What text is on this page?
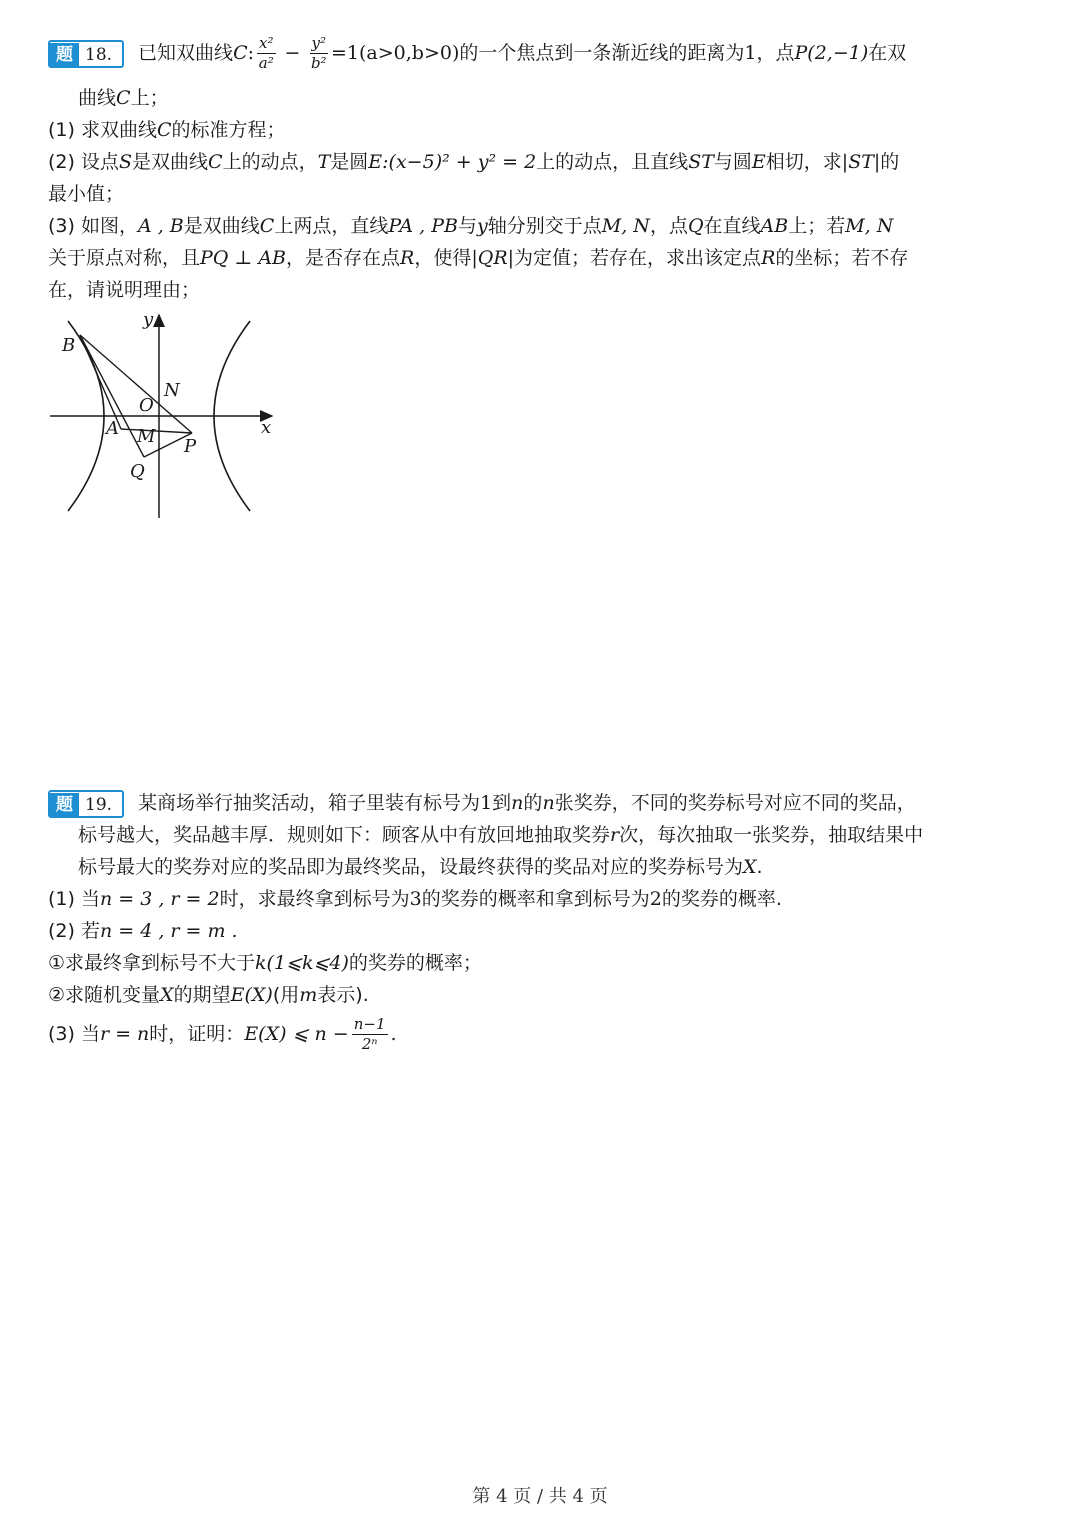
题 18. 已知双曲线C: $\frac{\text{x²}}{\text{a²}} - \frac{\text{y²}}{\text{b²}} =1(a>0,b>0)$的一个焦点到一条渐近线的距离为1，点P(2,−1)在双
曲线C上；
(1) 求双曲线C的标准方程；
(2) 设点S是双曲线C上的动点，T是圆E:(x−5)² + y² = 2上的动点，且直线ST与圆E相切，求|ST|的
最小值；
(3) 如图，A , B是双曲线C上两点，直线PA , PB与y轴分别交于点M, N，点Q在直线AB上；若M, N
关于原点对称，且PQ ⊥ AB，是否存在点R，使得|QR|为定值；若存在，求出该定点R的坐标；若不存
在，请说明理由；
y
x
B
N
O
A M P
Q
题 19. 某商场举行抽奖活动，箱子里装有标号为1到n的n张奖券，不同的奖券标号对应不同的奖品，
标号越大，奖品越丰厚．规则如下：顾客从中有放回地抽取奖券r次，每次抽取一张奖券，抽取结果中
标号最大的奖券对应的奖品即为最终奖品，设最终获得的奖品对应的奖券标号为X.
(1) 当n = 3 , r = 2时，求最终拿到标号为3的奖券的概率和拿到标号为2的奖券的概率.
(2) 若n = 4 , r = m .
①求最终拿到标号不大于k(1⩽k⩽4)的奖券的概率；
②求随机变量X的期望E(X)(用m表示).
(3) 当r = n时，证明：E(X) ⩽ $n - \frac{n-1}{\text{2ⁿ}}$ .
第 4 页 / 共 4 页
